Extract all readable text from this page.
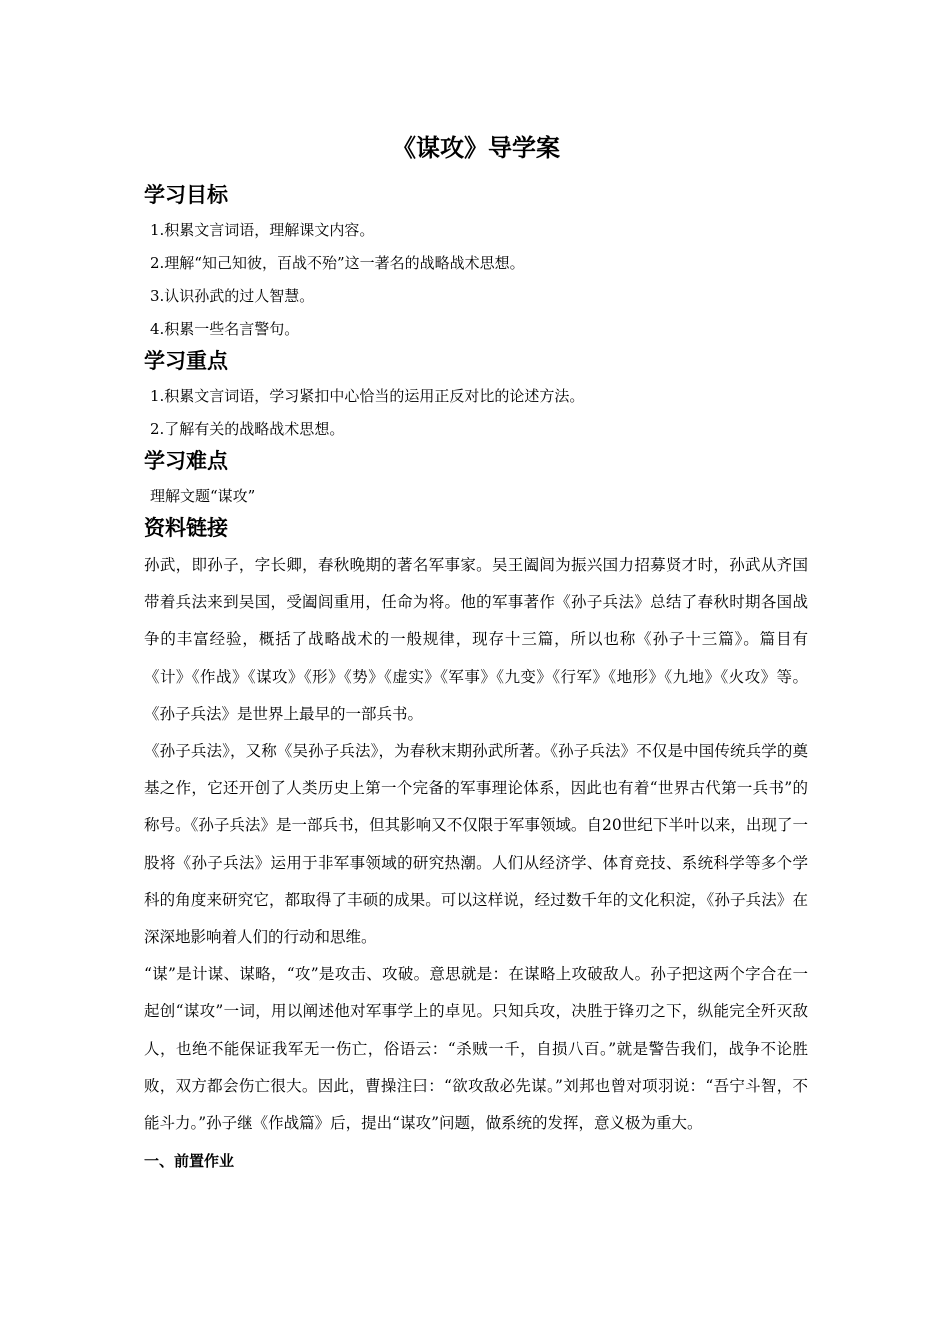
《谋攻》导学案
学习目标

1.积累文言词语，理解课文内容。

2.理解“知己知彼，百战不殆”这一著名的战略战术思想。

3.认识孙武的过人智慧。

4.积累一些名言警句。

学习重点

1.积累文言词语，学习紧扣中心恰当的运用正反对比的论述方法。

2.了解有关的战略战术思想。

学习难点

理解文题“谋攻”

资料链接

孙武，即孙子，字长卿，春秋晚期的著名军事家。吴王阖闾为振兴国力招募贤才时，孙武从齐国带着兵法来到吴国，受阖闾重用，任命为将。他的军事著作《孙子兵法》总结了春秋时期各国战争的丰富经验，概括了战略战术的一般规律，现存十三篇，所以也称《孙子十三篇》。篇目有《计》《作战》《谋攻》《形》《势》《虚实》《军事》《九变》《行军》《地形》《九地》《火攻》等。《孙子兵法》是世界上最早的一部兵书。

《孙子兵法》，又称《吴孙子兵法》，为春秋末期孙武所著。《孙子兵法》不仅是中国传统兵学的奠基之作，它还开创了人类历史上第一个完备的军事理论体系，因此也有着“世界古代第一兵书”的称号。《孙子兵法》是一部兵书，但其影响又不仅限于军事领域。自20世纪下半叶以来，出现了一股将《孙子兵法》运用于非军事领域的研究热潮。人们从经济学、体育竞技、系统科学等多个学科的角度来研究它，都取得了丰硕的成果。可以这样说，经过数千年的文化积淀，《孙子兵法》在深深地影响着人们的行动和思维。

“谋”是计谋、谋略，“攻”是攻击、攻破。意思就是：在谋略上攻破敌人。孙子把这两个字合在一起创“谋攻”一词，用以阐述他对军事学上的卓见。只知兵攻，决胜于锋刃之下，纵能完全歼灭敌人，也绝不能保证我军无一伤亡，俗语云：“杀贼一千，自损八百。”就是警告我们，战争不论胜败，双方都会伤亡很大。因此，曹操注曰：“欲攻敌必先谋。”刘邦也曾对项羽说：“吾宁斗智，不能斗力。”孙子继《作战篇》后，提出“谋攻”问题，做系统的发挥，意义极为重大。

一、前置作业
